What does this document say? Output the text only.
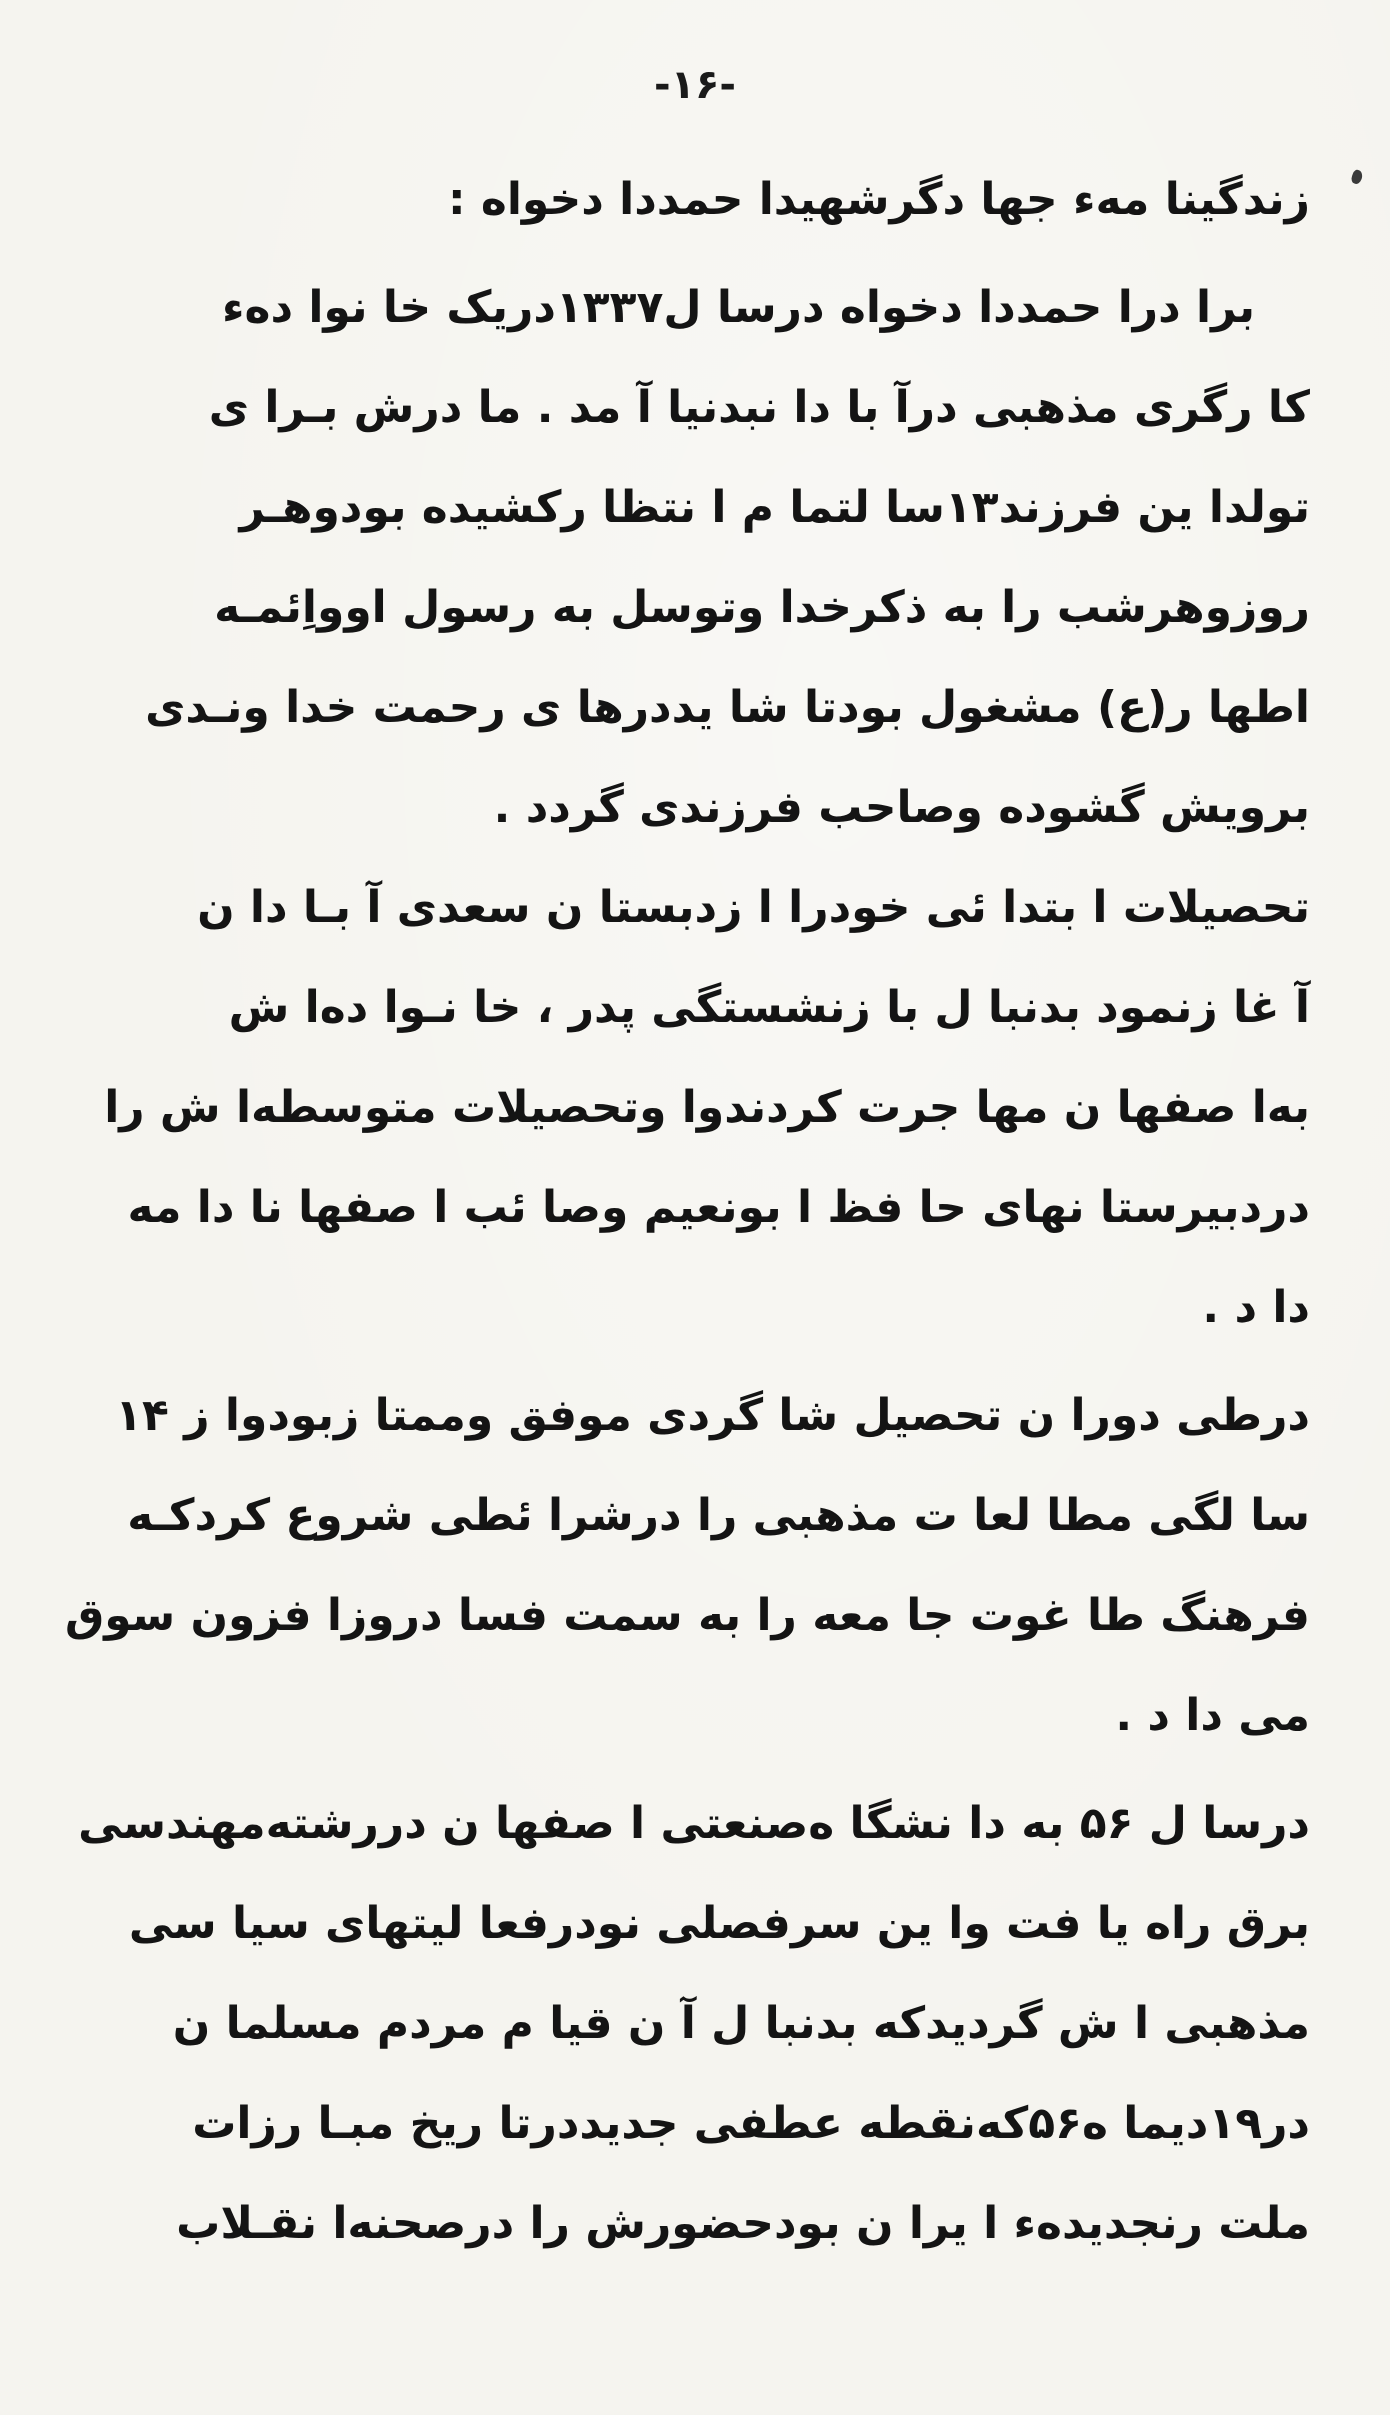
-۱۶-
زندگینا مه‌ء جها دگرشهیدا حمددا دخواه :
برا درا حمددا دخواه درسا ل۱۳۳۷دریک خا نوا ده‌ء
کا رگری مذهبی درآ با دا نبدنیا آ مد . ما درش بـرا ی
تولدا ین فرزند۱۳سا لتما م ا نتظا رکشیده بودوهـر
روزوهرشب را به ذکرخدا وتوسل به رسول اوواِئمـه
اطها ر(ع) مشغول بودتا شا یددرها ی رحمت خدا ونـدی
برویش گشوده وصاحب فرزندی گردد .
تحصیلات ا بتدا ئی خودرا ا زدبستا ن سعدی آ بـا دا ن
آ غا زنمود بدنبا ل با زنشستگی پدر ، خا نـوا ده‌ا ش
به‌ا صفها ن مها جرت کردندوا وتحصیلات متوسطه‌ا ش را
دردبیرستا نهای حا فظ ا بونعیم وصا ئب ا صفها نا دا مه
دا د .
درطی دورا ن تحصیل شا گردی موفق وممتا زبودوا ز ۱۴
سا لگی مطا لعا ت مذهبی را درشرا ئطی شروع کردکـه
فرهنگ طا غوت جا معه را به سمت فسا دروزا فزون سوق
می دا د .
درسا ل ۵۶ به دا نشگا ه‌صنعتی ا صفها ن دررشته‌مهندسی
برق راه یا فت وا ین سرفصلی نودرفعا لیتهای سیا سی
مذهبی ا ش گردیدکه بدنبا ل آ ن قیا م مردم مسلما ن
در۱۹دیما ه۵۶که‌نقطه عطفی جدیددرتا ریخ مبـا رزات
ملت رنجدیده‌ء ا یرا ن بودحضورش را درصحنه‌ا نقـلاب
